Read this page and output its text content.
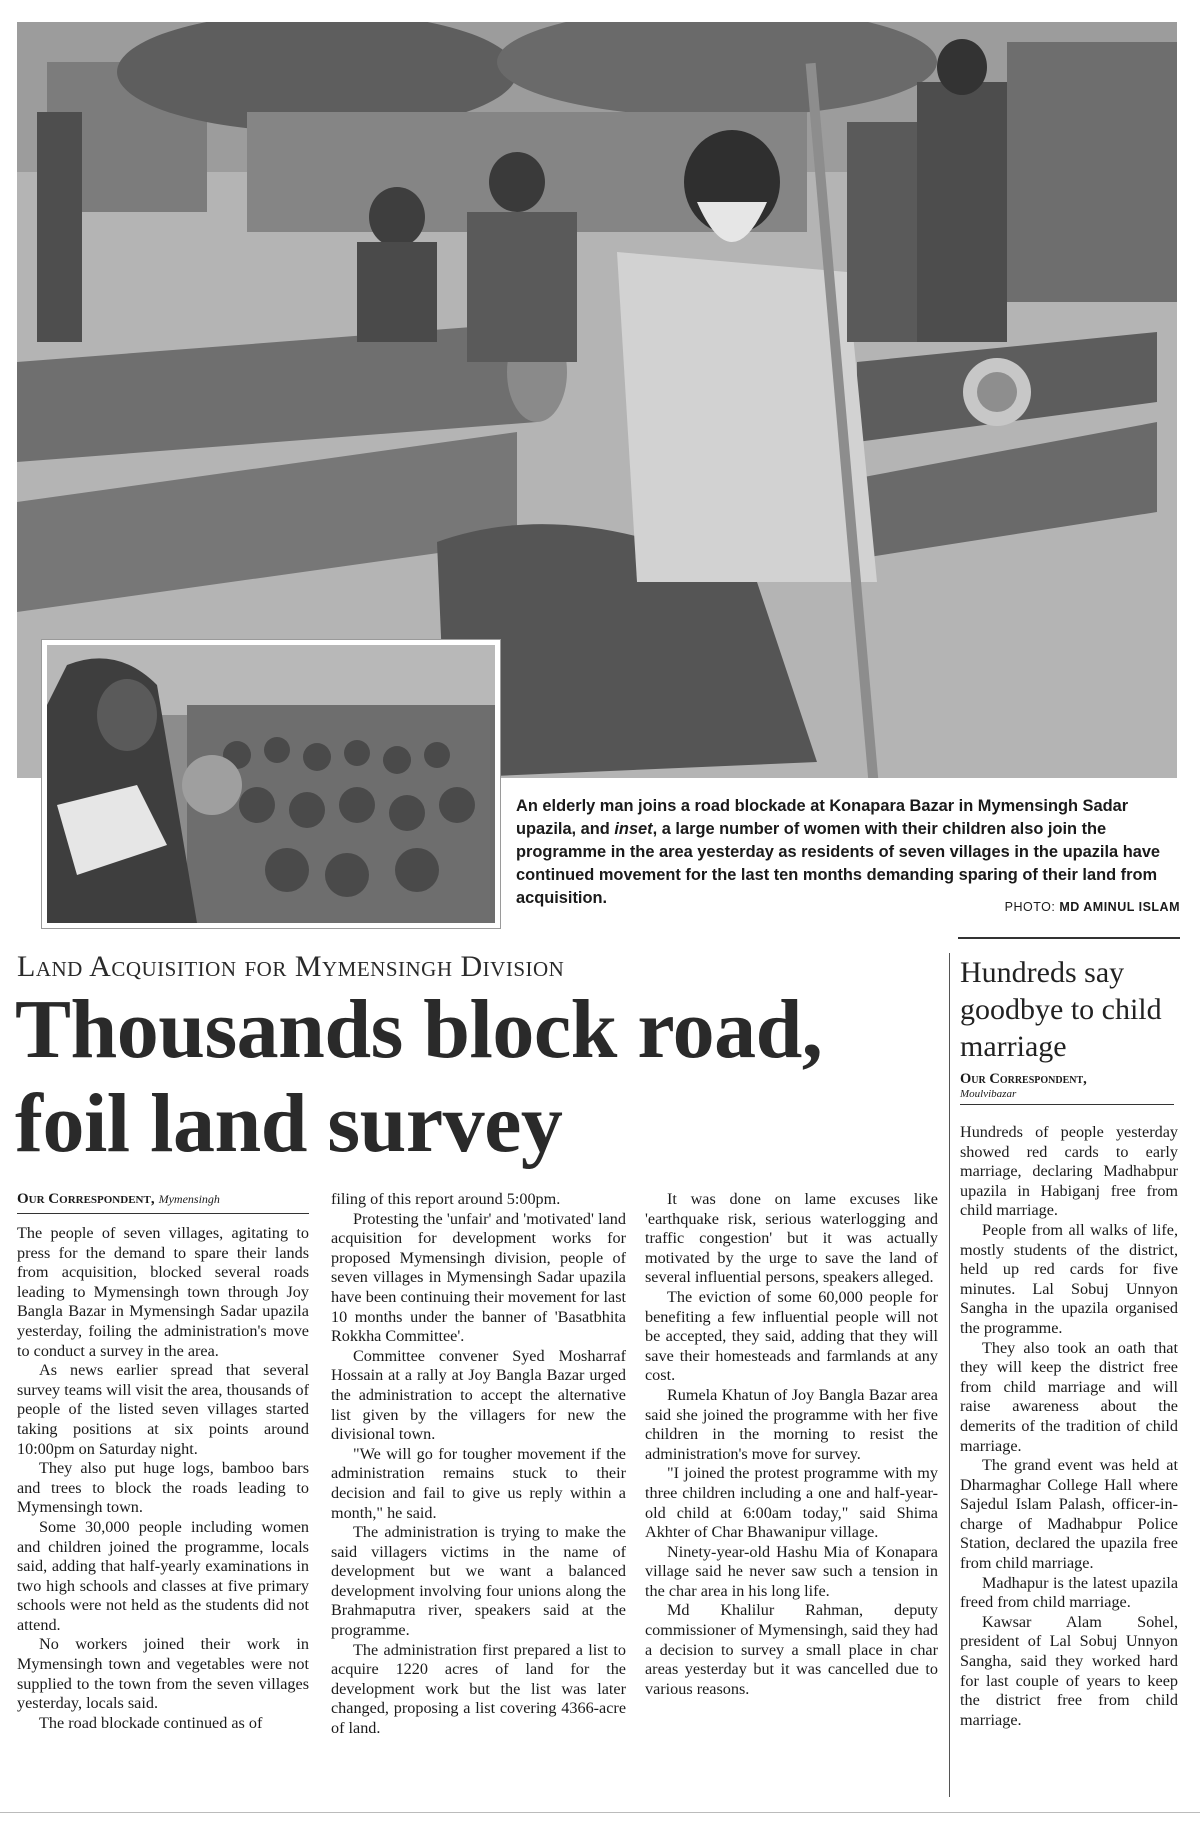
An elderly man joins a road blockade at Konapara Bazar in Mymensingh Sadar upazila, and inset, a large number of women with their children also join the programme in the area yesterday as residents of seven villages in the upazila have continued movement for the last ten months demanding sparing of their land from acquisition.	PHOTO: MD AMINUL ISLAM
Land Acquisition for Mymensingh Division
Thousands block road, foil land survey
Our Correspondent, Mymensingh

The people of seven villages, agitating to press for the demand to spare their lands from acquisition, blocked several roads leading to Mymensingh town through Joy Bangla Bazar in Mymensingh Sadar upazila yesterday, foiling the administration's move to conduct a survey in the area.

As news earlier spread that several survey teams will visit the area, thousands of people of the listed seven villages started taking positions at six points around 10:00pm on Saturday night.

They also put huge logs, bamboo bars and trees to block the roads leading to Mymensingh town.

Some 30,000 people including women and children joined the programme, locals said, adding that half-yearly examinations in two high schools and classes at five primary schools were not held as the students did not attend.

No workers joined their work in Mymensingh town and vegetables were not supplied to the town from the seven villages yesterday, locals said.

The road blockade continued as of

filing of this report around 5:00pm.

Protesting the 'unfair' and 'motivated' land acquisition for development works for proposed Mymensingh division, people of seven villages in Mymensingh Sadar upazila have been continuing their movement for last 10 months under the banner of 'Basatbhita Rokkha Committee'.

Committee convener Syed Mosharraf Hossain at a rally at Joy Bangla Bazar urged the administration to accept the alternative list given by the villagers for new the divisional town.

"We will go for tougher movement if the administration remains stuck to their decision and fail to give us reply within a month," he said.

The administration is trying to make the said villagers victims in the name of development but we want a balanced development involving four unions along the Brahmaputra river, speakers said at the programme.

The administration first prepared a list to acquire 1220 acres of land for the development work but the list was later changed, proposing a list covering 4366-acre of land.

It was done on lame excuses like 'earthquake risk, serious waterlogging and traffic congestion' but it was actually motivated by the urge to save the land of several influential persons, speakers alleged.

The eviction of some 60,000 people for benefiting a few influential people will not be accepted, they said, adding that they will save their homesteads and farmlands at any cost.

Rumela Khatun of Joy Bangla Bazar area said she joined the programme with her five children in the morning to resist the administration's move for survey.

"I joined the protest programme with my three children including a one and half-year-old child at 6:00am today," said Shima Akhter of Char Bhawanipur village.

Ninety-year-old Hashu Mia of Konapara village said he never saw such a tension in the char area in his long life.

Md Khalilur Rahman, deputy commissioner of Mymensingh, said they had a decision to survey a small place in char areas yesterday but it was cancelled due to various reasons.

Hundreds say goodbye to child marriage
Our Correspondent,
Moulvibazar

Hundreds of people yesterday showed red cards to early marriage, declaring Madhabpur upazila in Habiganj free from child marriage.

People from all walks of life, mostly students of the district, held up red cards for five minutes. Lal Sobuj Unnyon Sangha in the upazila organised the programme.

They also took an oath that they will keep the district free from child marriage and will raise awareness about the demerits of the tradition of child marriage.

The grand event was held at Dharmaghar College Hall where Sajedul Islam Palash, officer-in-charge of Madhabpur Police Station, declared the upazila free from child marriage.

Madhapur is the latest upazila freed from child marriage.

Kawsar Alam Sohel, president of Lal Sobuj Unnyon Sangha, said they worked hard for last couple of years to keep the district free from child marriage.
